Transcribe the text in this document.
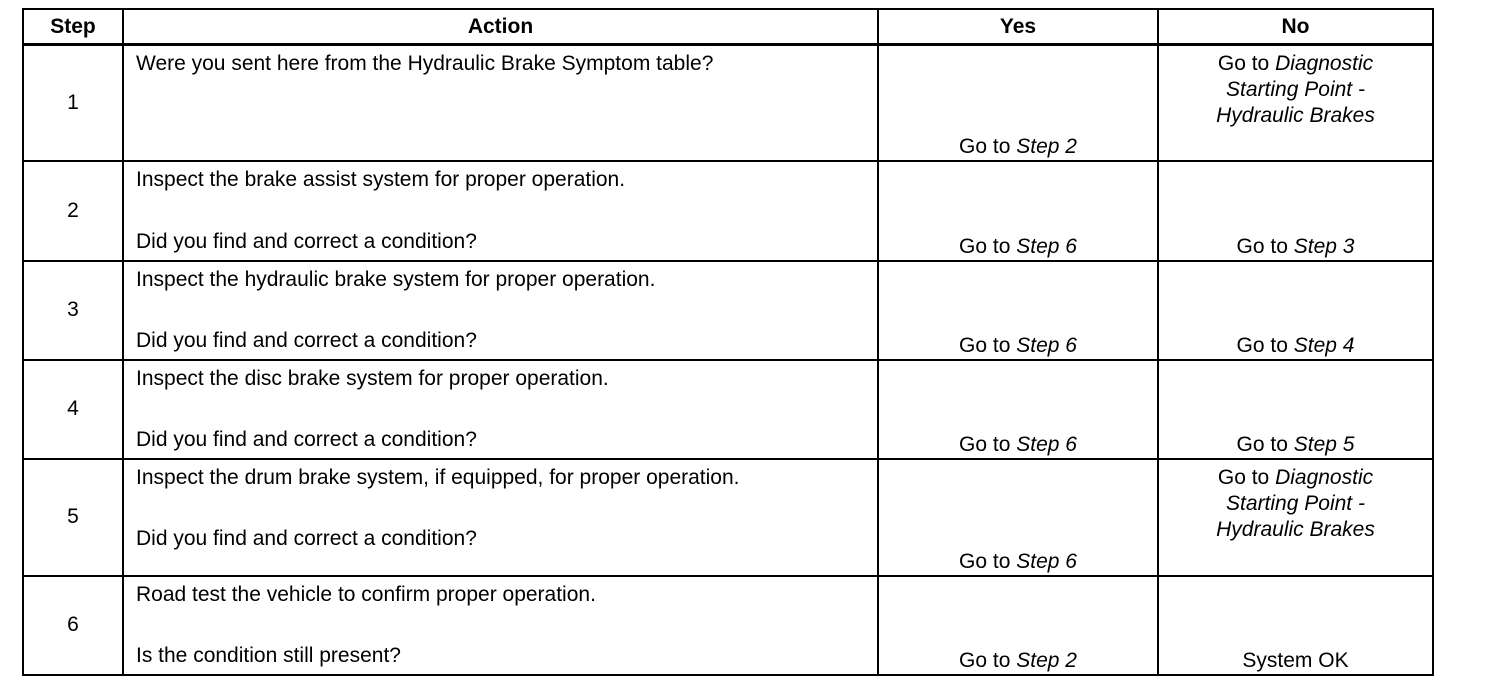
Step	Action	Yes	No
1	Were you sent here from the Hydraulic Brake Symptom table?	Go to Step 2	Go to Diagnostic
Starting Point -
Hydraulic Brakes

2	Inspect the brake assist system for proper operation.
Did you find and correct a condition?	Go to Step 6	Go to Step 3
3	Inspect the hydraulic brake system for proper operation.
Did you find and correct a condition?	Go to Step 6	Go to Step 4
4	Inspect the disc brake system for proper operation.
Did you find and correct a condition?	Go to Step 6	Go to Step 5
5	Inspect the drum brake system, if equipped, for proper operation.
Did you find and correct a condition?	Go to Step 6	Go to Diagnostic
Starting Point -
Hydraulic Brakes

6	Road test the vehicle to confirm proper operation.
Is the condition still present?	Go to Step 2	System OK
